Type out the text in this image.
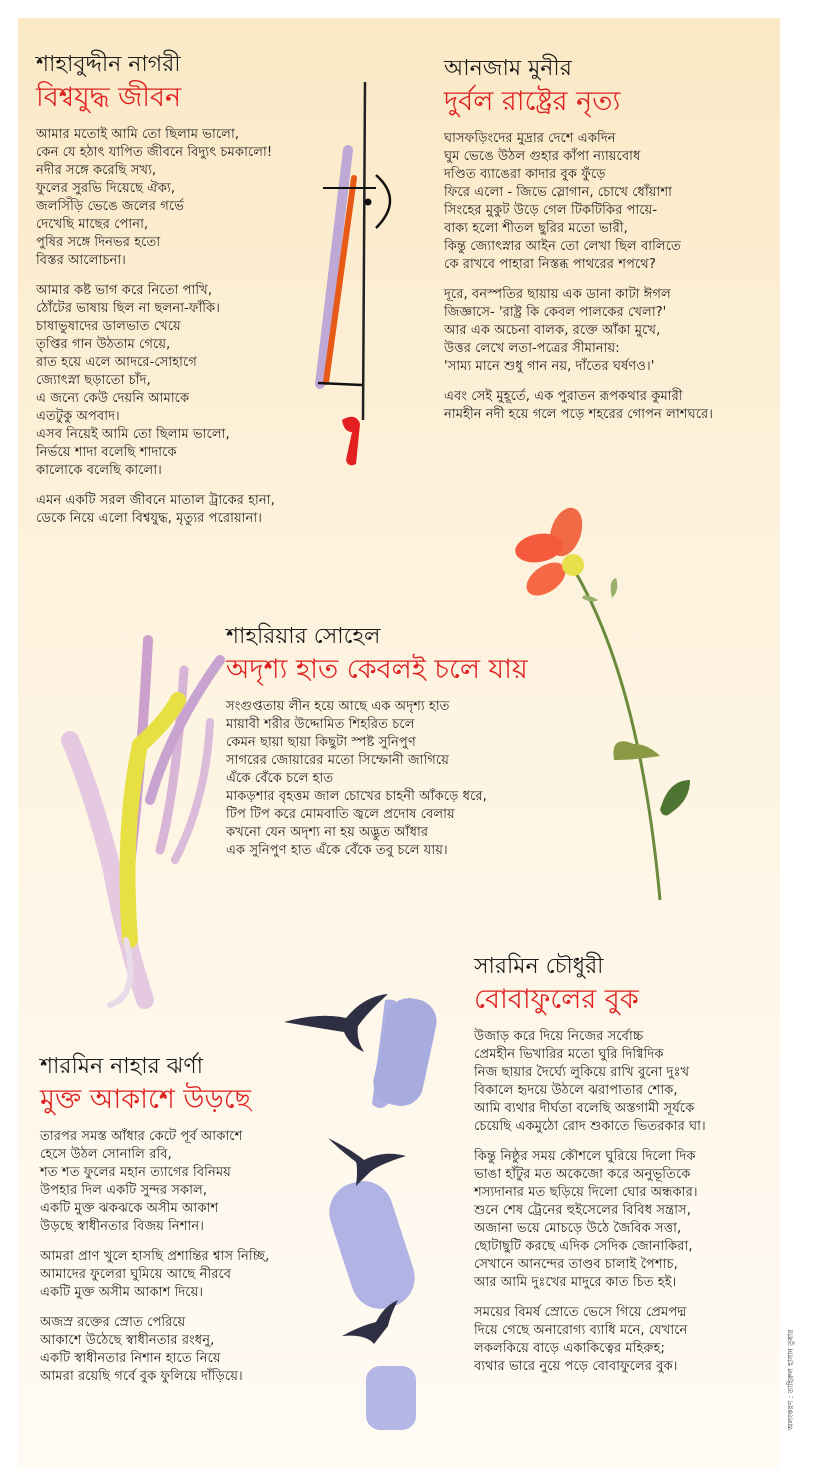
শাহাবুদ্দীন নাগরী
বিশ্বযুদ্ধ জীবন
আমার মতোই আমি তো ছিলাম ভালো,
কেন যে হঠাৎ যাপিত জীবনে বিদ্যুৎ চমকালো!
নদীর সঙ্গে করেছি সখ্য,
ফুলের সুরভি দিয়েছে ঐক্য,
জলসিঁড়ি ভেঙে জলের গর্ভে
দেখেছি মাছের পোনা,
পুষির সঙ্গে দিনভর হতো
বিস্তর আলোচনা।
আমার কষ্ট ভাগ করে নিতো পাখি,
ঠোঁটের ভাষায় ছিল না ছলনা-ফাঁকি।
চাষাভুষাদের ডালভাত খেয়ে
তৃপ্তির গান উঠতাম গেয়ে,
রাত হয়ে এলে আদরে-সোহাগে
জ্যোৎস্না ছড়াতো চাঁদ,
এ জন্যে কেউ দেয়নি আমাকে
এতটুকু অপবাদ।
এসব নিয়েই আমি তো ছিলাম ভালো,
নির্ভয়ে শাদা বলেছি শাদাকে
কালোকে বলেছি কালো।
এমন একটি সরল জীবনে মাতাল ট্রাকের হানা,
ডেকে নিয়ে এলো বিশ্বযুদ্ধ, মৃত্যুর পরোয়ানা।
আনজাম মুনীর
দুর্বল রাষ্ট্রের নৃত্য
ঘাসফড়িংদের মুদ্রার দেশে একদিন
ঘুম ভেঙে উঠল গুহার কাঁপা ন্যায়বোধ
দণ্ডিত ব্যাঙেরা কাদার বুক ফুঁড়ে
ফিরে এলো - জিভে স্লোগান, চোখে ধোঁয়াশা
সিংহের মুকুট উড়ে গেল টিকটিকির পায়ে-
বাক্য হলো শীতল ছুরির মতো ভারী,
কিন্তু জ্যোৎস্নার আইন তো লেখা ছিল বালিতে
কে রাখবে পাহারা নিস্তব্ধ পাথরের শপথে?
দূরে, বনস্পতির ছায়ায় এক ডানা কাটা ঈগল
জিজ্ঞাসে- 'রাষ্ট্র কি কেবল পালকের খেলা?'
আর এক অচেনা বালক, রক্তে আঁকা মুখে,
উত্তর লেখে লতা-পত্রের সীমানায়:
'সাম্য মানে শুধু গান নয়, দাঁতের ঘর্ষণও।'
এবং সেই মুহূর্তে, এক পুরাতন রূপকথার কুমারী
নামহীন নদী হয়ে গলে পড়ে শহরের গোপন লাশঘরে।
শাহরিয়ার সোহেল
অদৃশ্য হাত কেবলই চলে যায়
সংগুপ্ততায় লীন হয়ে আছে এক অদৃশ্য হাত
মায়াবী শরীর উদ্দোমিত শিহরিত চলে
কেমন ছায়া ছায়া কিছুটা স্পষ্ট সুনিপুণ
সাগরের জোয়ারের মতো সিম্ফোনী জাগিয়ে
এঁকে বেঁকে চলে হাত
মাকড়শার বৃহত্তম জাল চোখের চাহনী আঁকড়ে ধরে,
টিপ টিপ করে মোমবাতি জ্বলে প্রদোষ বেলায়
কখনো যেন অদৃশ্য না হয় অদ্ভুত আঁধার
এক সুনিপুণ হাত এঁকে বেঁকে তবু চলে যায়।
সারমিন চৌধুরী
বোবাফুলের বুক
উজাড় করে দিয়ে নিজের সর্বোচ্চ
প্রেমহীন ভিখারির মতো ঘুরি দিগ্বিদিক
নিজ ছায়ার দৈর্ঘ্যে লুকিয়ে রাখি বুনো দুঃখ
বিকালে হৃদয়ে উঠলে ঝরাপাতার শোক,
আমি ব্যথার দীর্ঘতা বলেছি অস্তগামী সূর্যকে
চেয়েছি একমুঠো রোদ শুকাতে ভিতরকার ঘা।
কিন্তু নিষ্ঠুর সময় কৌশলে ঘুরিয়ে দিলো দিক
ভাঙা হাঁটুর মত অকেজো করে অনুভূতিকে
শস্যদানার মত ছড়িয়ে দিলো ঘোর অন্ধকার।
শুনে শেষ ট্রেনের হুইসেলের বিবিধ সন্ত্রাস,
অজানা ভয়ে মোচড়ে উঠে জৈবিক সত্তা,
ছোটাছুটি করছে এদিক সেদিক জোনাকিরা,
সেখানে আনন্দের তাণ্ডব চালাই পৈশাচ,
আর আমি দুঃখের মাদুরে কাত চিত হই।
সময়ের বিমর্ষ স্রোতে ভেসে গিয়ে প্রেমপদ্ম
দিয়ে গেছে অনারোগ্য ব্যাধি মনে, যেখানে
লকলকিয়ে বাড়ে একাকিত্বের মহিরুহ;
ব্যথার ভারে নুয়ে পড়ে বোবাফুলের বুক।
শারমিন নাহার ঝর্ণা
মুক্ত আকাশে উড়ছে
তারপর সমস্ত আঁধার কেটে পূর্ব আকাশে
হেসে উঠল সোনালি রবি,
শত শত ফুলের মহান ত্যাগের বিনিময়
উপহার দিল একটি সুন্দর সকাল,
একটি মুক্ত ঝকঝকে অসীম আকাশ
উড়ছে স্বাধীনতার বিজয় নিশান।
আমরা প্রাণ খুলে হাসছি প্রশান্তির শ্বাস নিচ্ছি,
আমাদের ফুলেরা ঘুমিয়ে আছে নীরবে
একটি মুক্ত অসীম আকাশ দিয়ে।
অজস্র রক্তের স্রোত পেরিয়ে
আকাশে উঠেছে স্বাধীনতার রংধনু,
একটি স্বাধীনতার নিশান হাতে নিয়ে
আমরা রয়েছি গর্বে বুক ফুলিয়ে দাঁড়িয়ে।	অলংকরণ : তাহিরুল হাসান তুষার
